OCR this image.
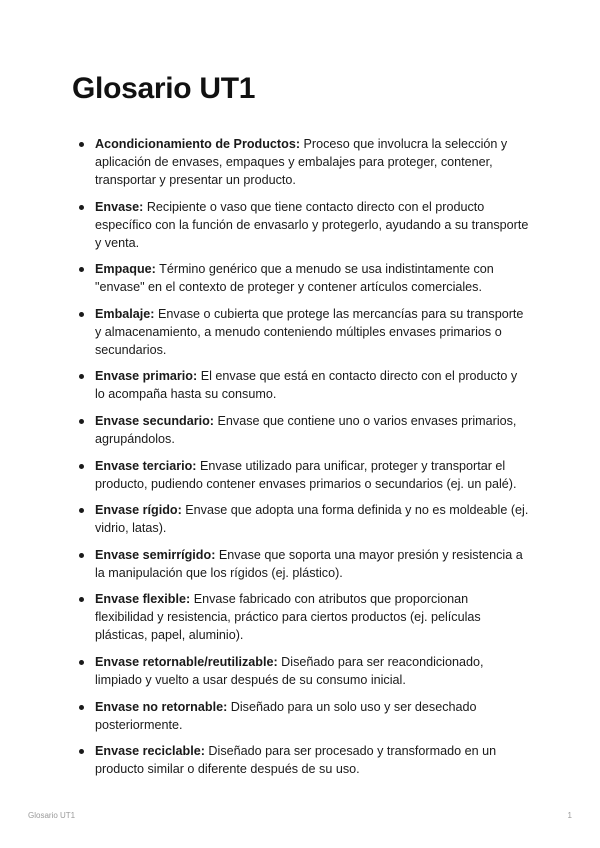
Glosario UT1
Acondicionamiento de Productos: Proceso que involucra la selección y aplicación de envases, empaques y embalajes para proteger, contener, transportar y presentar un producto.
Envase: Recipiente o vaso que tiene contacto directo con el producto específico con la función de envasarlo y protegerlo, ayudando a su transporte y venta.
Empaque: Término genérico que a menudo se usa indistintamente con "envase" en el contexto de proteger y contener artículos comerciales.
Embalaje: Envase o cubierta que protege las mercancías para su transporte y almacenamiento, a menudo conteniendo múltiples envases primarios o secundarios.
Envase primario: El envase que está en contacto directo con el producto y lo acompaña hasta su consumo.
Envase secundario: Envase que contiene uno o varios envases primarios, agrupándolos.
Envase terciario: Envase utilizado para unificar, proteger y transportar el producto, pudiendo contener envases primarios o secundarios (ej. un palé).
Envase rígido: Envase que adopta una forma definida y no es moldeable (ej. vidrio, latas).
Envase semirrígido: Envase que soporta una mayor presión y resistencia a la manipulación que los rígidos (ej. plástico).
Envase flexible: Envase fabricado con atributos que proporcionan flexibilidad y resistencia, práctico para ciertos productos (ej. películas plásticas, papel, aluminio).
Envase retornable/reutilizable: Diseñado para ser reacondicionado, limpiado y vuelto a usar después de su consumo inicial.
Envase no retornable: Diseñado para un solo uso y ser desechado posteriormente.
Envase reciclable: Diseñado para ser procesado y transformado en un producto similar o diferente después de su uso.
Glosario UT1	1
